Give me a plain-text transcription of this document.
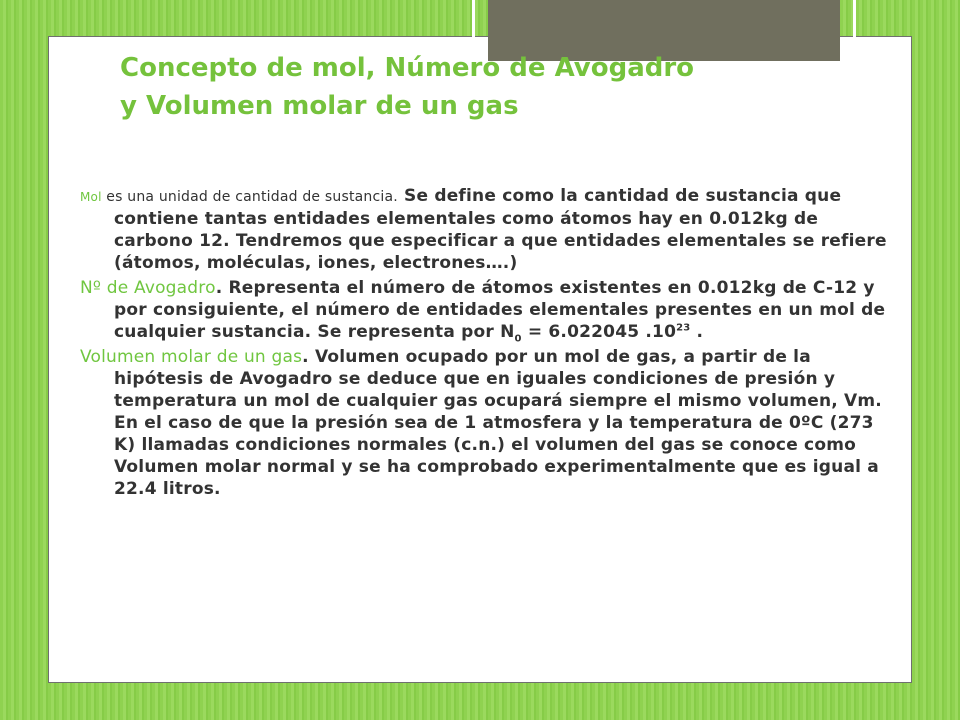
Concepto de mol, Número de Avogadro
y Volumen molar de un gas

Mol es una unidad de cantidad de sustancia. Se define como la cantidad de sustancia que contiene tantas entidades elementales como átomos hay en 0.012kg de carbono 12. Tendremos que especificar a que entidades elementales se refiere (átomos, moléculas, iones, electrones….)

Nº de Avogadro. Representa el número de átomos existentes en 0.012kg de C-12 y por consiguiente, el número de entidades elementales presentes en un mol de cualquier sustancia. Se representa por $N_0 = 6.022045$ $.10^{23}$ .

Volumen molar de un gas. Volumen ocupado por un mol de gas, a partir de la hipótesis de Avogadro se deduce que en iguales condiciones de presión y temperatura un mol de cualquier gas ocupará siempre el mismo volumen, Vm. En el caso de que la presión sea de 1 atmosfera y la temperatura de 0ºC (273 K) llamadas condiciones normales (c.n.) el volumen del gas se conoce como Volumen molar normal y se ha comprobado experimentalmente que es igual a 22.4 litros.
